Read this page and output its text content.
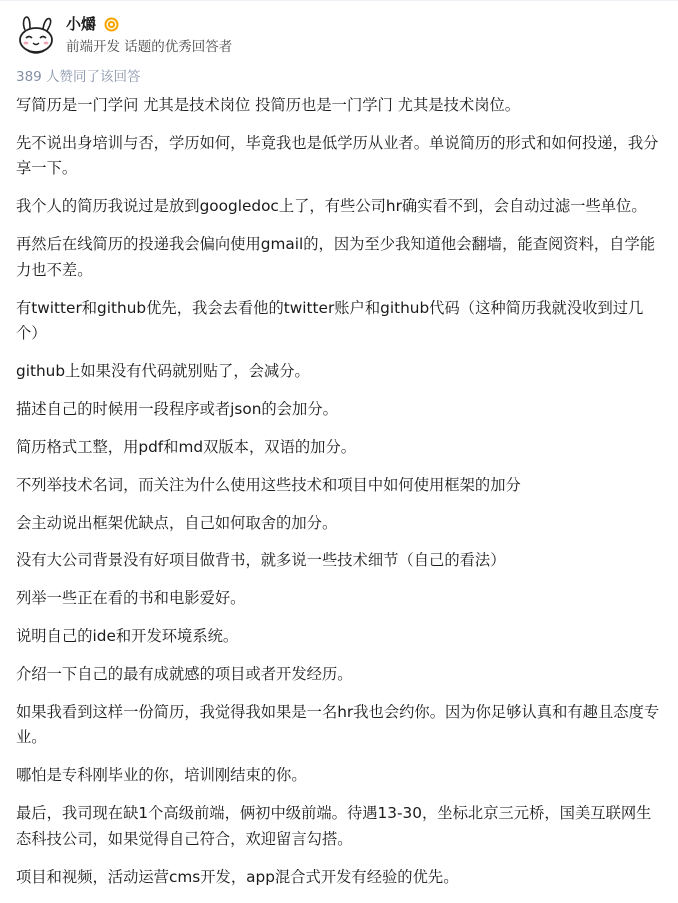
小爝
前端开发 话题的优秀回答者
389 人赞同了该回答

写简历是一门学问 尤其是技术岗位 投简历也是一门学门 尤其是技术岗位。

先不说出身培训与否，学历如何，毕竟我也是低学历从业者。单说简历的形式和如何投递，我分享一下。

我个人的简历我说过是放到googledoc上了，有些公司hr确实看不到，会自动过滤一些单位。

再然后在线简历的投递我会偏向使用gmail的，因为至少我知道他会翻墙，能查阅资料，自学能力也不差。

有twitter和github优先，我会去看他的twitter账户和github代码（这种简历我就没收到过几个）

github上如果没有代码就别贴了，会减分。

描述自己的时候用一段程序或者json的会加分。

简历格式工整，用pdf和md双版本，双语的加分。

不列举技术名词，而关注为什么使用这些技术和项目中如何使用框架的加分

会主动说出框架优缺点，自己如何取舍的加分。

没有大公司背景没有好项目做背书，就多说一些技术细节（自己的看法）

列举一些正在看的书和电影爱好。

说明自己的ide和开发环境系统。

介绍一下自己的最有成就感的项目或者开发经历。

如果我看到这样一份简历，我觉得我如果是一名hr我也会约你。因为你足够认真和有趣且态度专业。

哪怕是专科刚毕业的你，培训刚结束的你。

最后，我司现在缺1个高级前端，俩初中级前端。待遇13-30，坐标北京三元桥，国美互联网生态科技公司，如果觉得自己符合，欢迎留言勾搭。

项目和视频，活动运营cms开发，app混合式开发有经验的优先。
